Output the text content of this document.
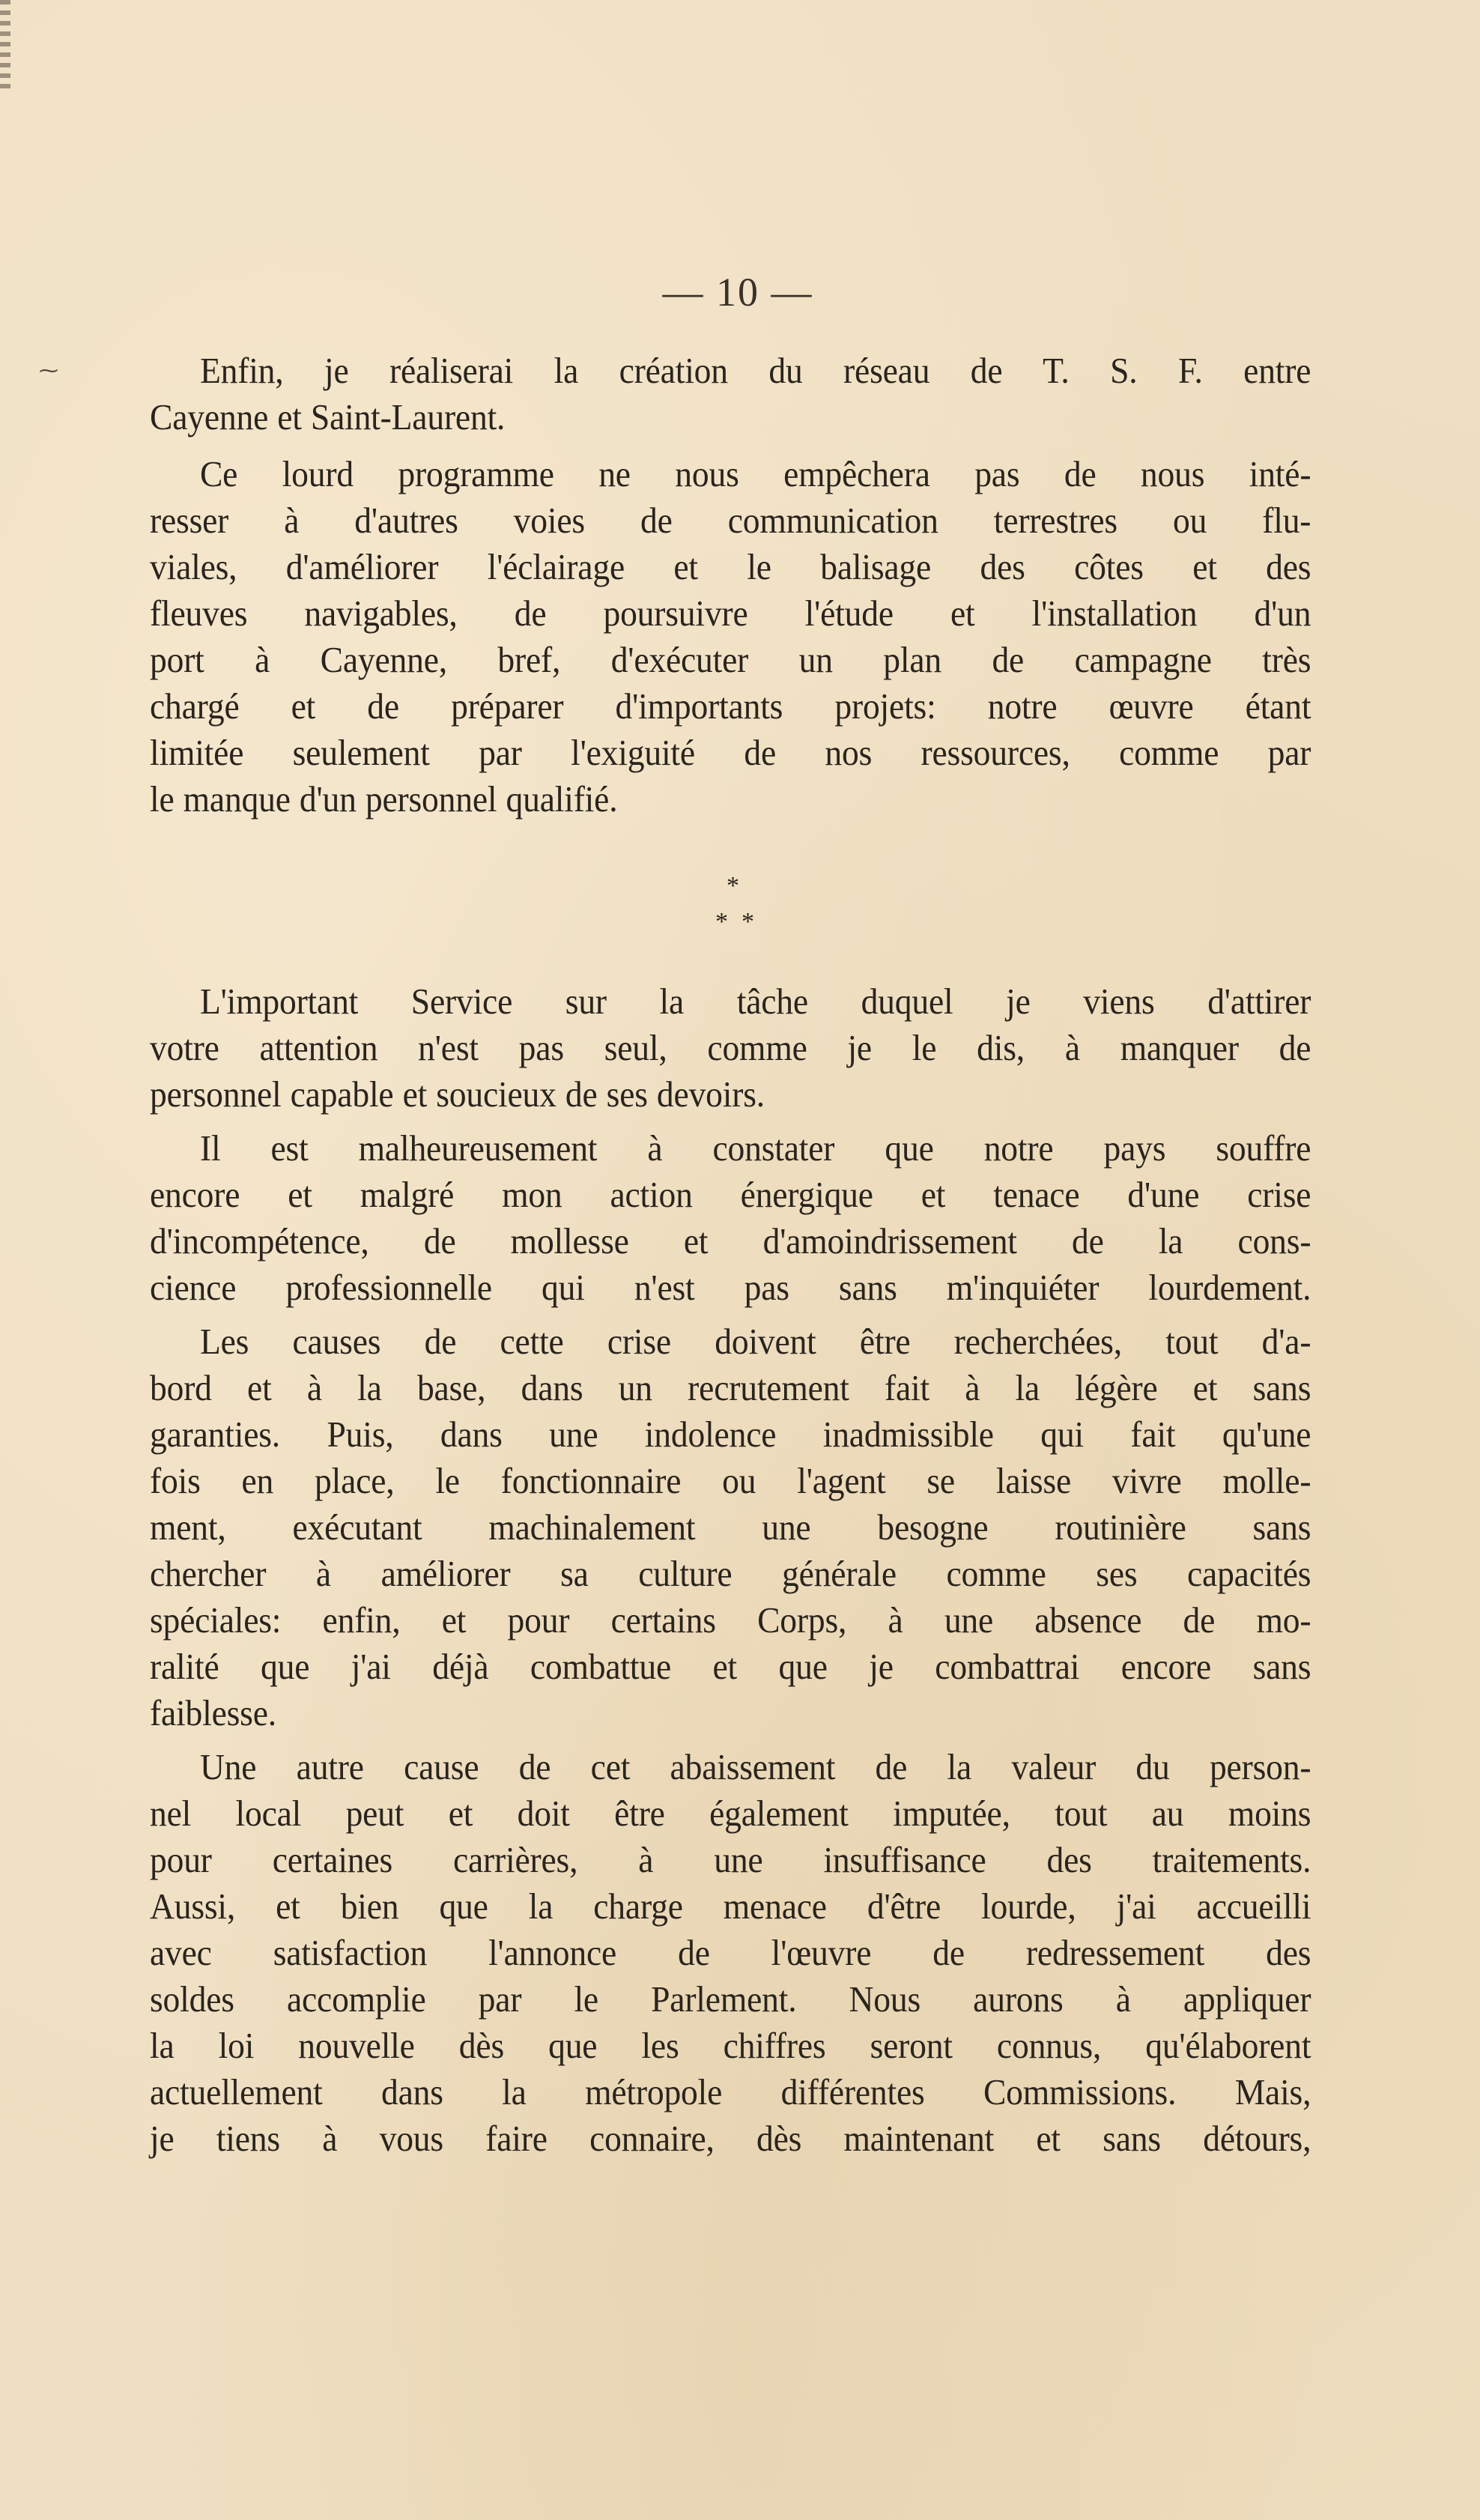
⁓
— 10 —

Enfin, je réaliserai la création du réseau de T. S. F. entre
Cayenne et Saint-Laurent.

Ce lourd programme ne nous empêchera pas de nous inté-
resser à d'autres voies de communication terrestres ou flu-
viales, d'améliorer l'éclairage et le balisage des côtes et des
fleuves navigables, de poursuivre l'étude et l'installation d'un
port à Cayenne, bref, d'exécuter un plan de campagne très
chargé et de préparer d'importants projets: notre œuvre étant
limitée seulement par l'exiguité de nos ressources, comme par
le manque d'un personnel qualifié.

*
* *

L'important Service sur la tâche duquel je viens d'attirer
votre attention n'est pas seul, comme je le dis, à manquer de
personnel capable et soucieux de ses devoirs.

Il est malheureusement à constater que notre pays souffre
encore et malgré mon action énergique et tenace d'une crise
d'incompétence, de mollesse et d'amoindrissement de la cons-
cience professionnelle qui n'est pas sans m'inquiéter lourdement.

Les causes de cette crise doivent être recherchées, tout d'a-
bord et à la base, dans un recrutement fait à la légère et sans
garanties. Puis, dans une indolence inadmissible qui fait qu'une
fois en place, le fonctionnaire ou l'agent se laisse vivre molle-
ment, exécutant machinalement une besogne routinière sans
chercher à améliorer sa culture générale comme ses capacités
spéciales: enfin, et pour certains Corps, à une absence de mo-
ralité que j'ai déjà combattue et que je combattrai encore sans
faiblesse.

Une autre cause de cet abaissement de la valeur du person-
nel local peut et doit être également imputée, tout au moins
pour certaines carrières, à une insuffisance des traitements.
Aussi, et bien que la charge menace d'être lourde, j'ai accueilli
avec satisfaction l'annonce de l'œuvre de redressement des
soldes accomplie par le Parlement. Nous aurons à appliquer
la loi nouvelle dès que les chiffres seront connus, qu'élaborent
actuellement dans la métropole différentes Commissions. Mais,
je tiens à vous faire connaire, dès maintenant et sans détours,
